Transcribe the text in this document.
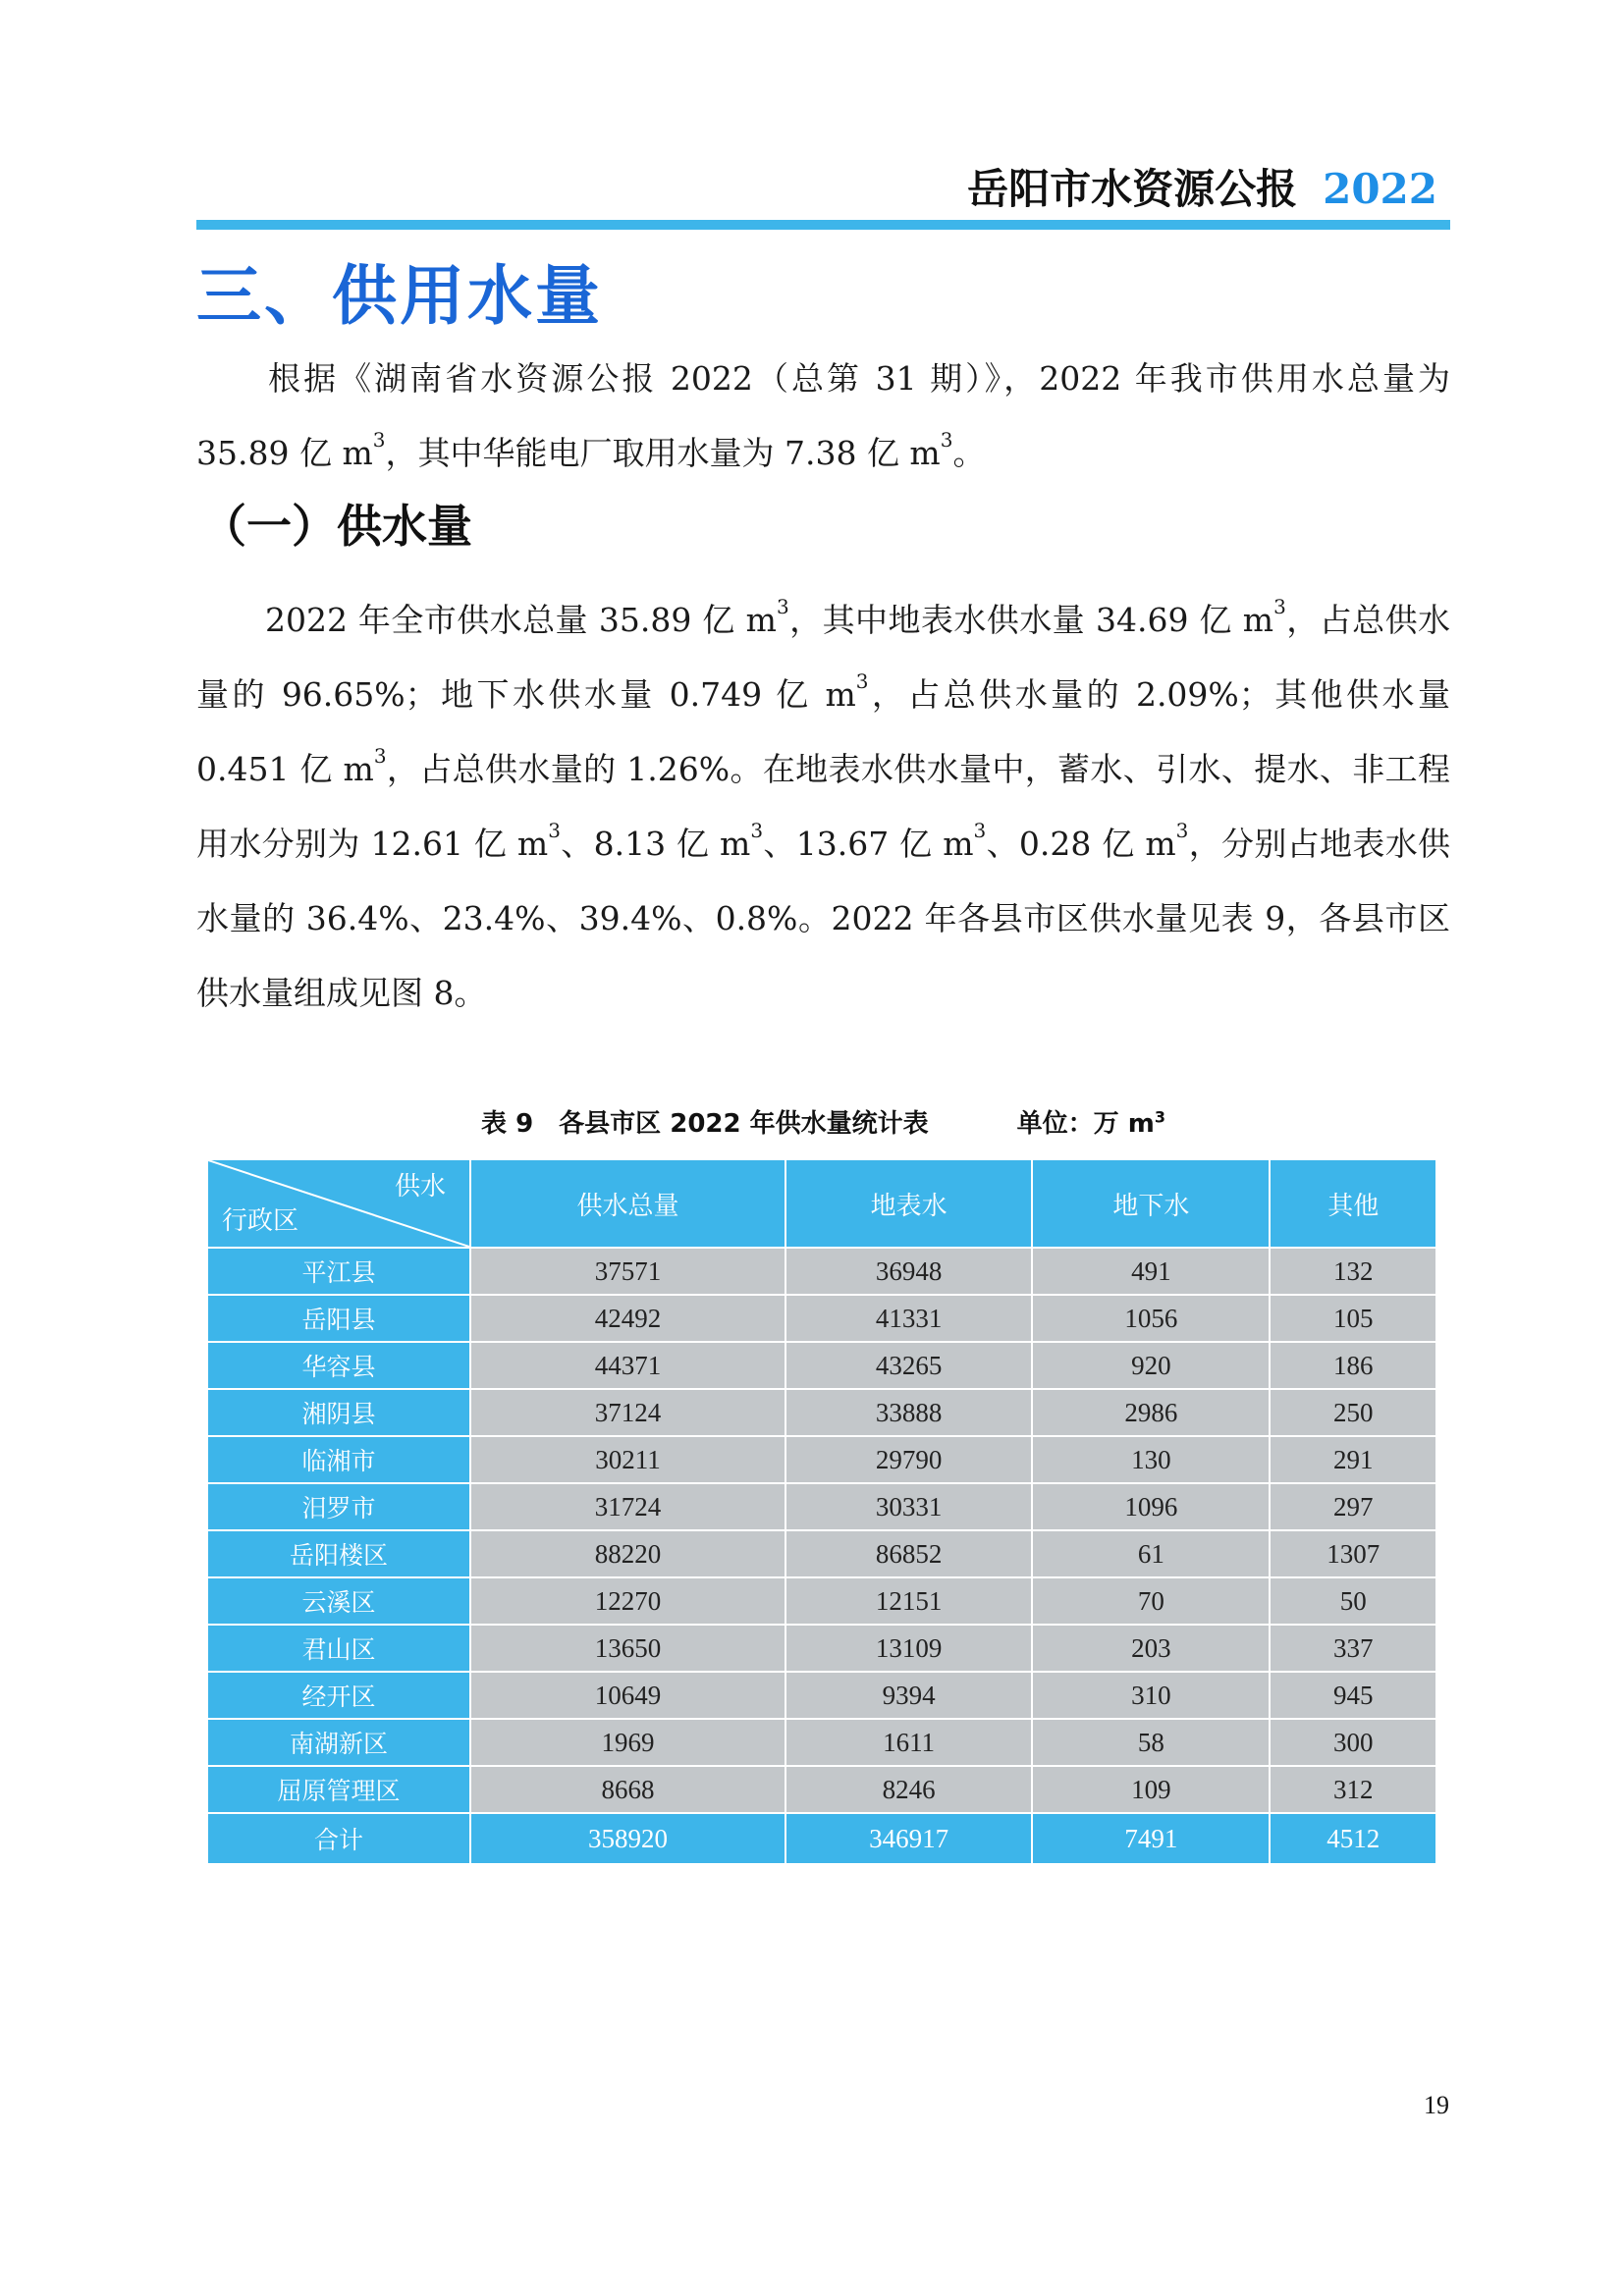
岳阳市水资源公报 2022
三、供用水量
根据《湖南省水资源公报 2022（总第 31 期）》，2022 年我市供用水总量为 35.89 亿 $m^3$，其中华能电厂取用水量为 7.38 亿 $m^3$。
（一）供水量
2022 年全市供水总量 35.89 亿 $m^3$，其中地表水供水量 34.69 亿 $m^3$，占总供水量的 96.65%；地下水供水量 0.749 亿 $m^3$，占总供水量的 2.09%；其他供水量 0.451 亿 $m^3$，占总供水量的 1.26%。在地表水供水量中，蓄水、引水、提水、非工程用水分别为 12.61 亿 $m^3$、8.13 亿 $m^3$、13.67 亿 $m^3$、0.28 亿 $m^3$，分别占地表水供水量的 36.4%、23.4%、39.4%、0.8%。2022 年各县市区供水量见表 9，各县市区供水量组成见图 8。
表 9　各县市区 2022 年供水量统计表	单位：万 $m^3$
供水
行政区	供水总量	地表水	地下水	其他
平江县	37571	36948	491	132
岳阳县	42492	41331	1056	105
华容县	44371	43265	920	186
湘阴县	37124	33888	2986	250
临湘市	30211	29790	130	291
汨罗市	31724	30331	1096	297
岳阳楼区	88220	86852	61	1307
云溪区	12270	12151	70	50
君山区	13650	13109	203	337
经开区	10649	9394	310	945
南湖新区	1969	1611	58	300
屈原管理区	8668	8246	109	312
合计	358920	346917	7491	4512
19
